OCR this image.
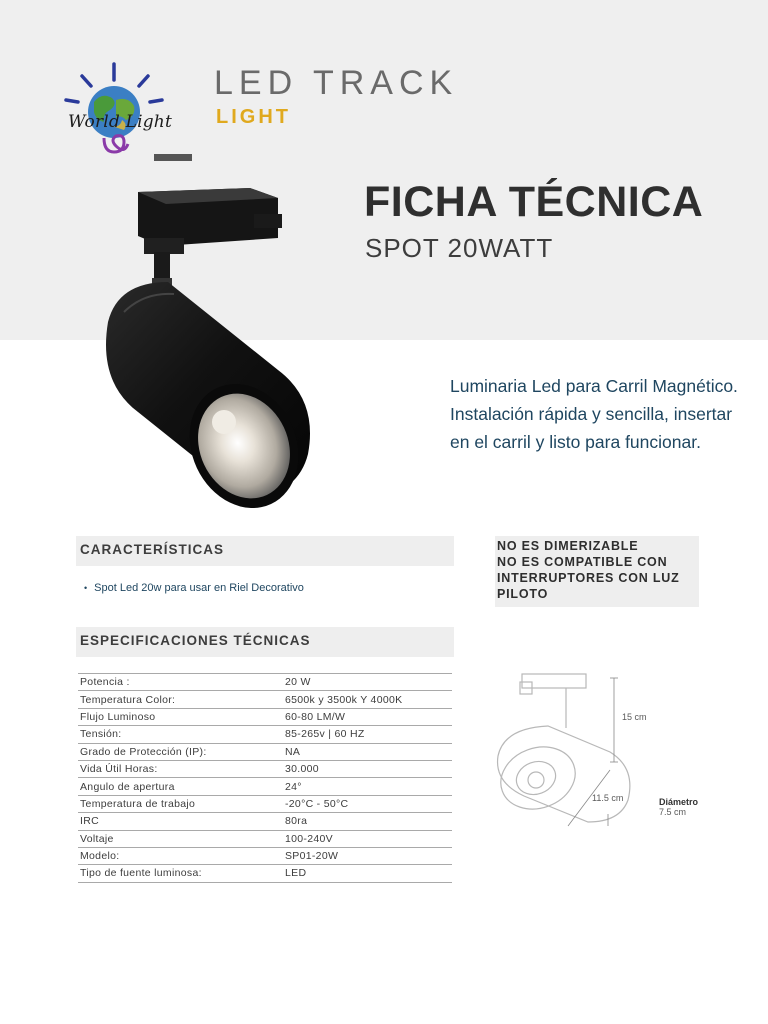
World Light
LED TRACK
LIGHT
FICHA TÉCNICA
SPOT 20WATT
Luminaria Led para Carril Magnético. Instalación rápida y sencilla, insertar en el carril y listo para funcionar.
CARACTERÍSTICAS
• Spot Led 20w para usar en Riel Decorativo
NO ES DIMERIZABLE
NO ES COMPATIBLE CON
INTERRUPTORES CON LUZ
PILOTO
ESPECIFICACIONES TÉCNICAS
Potencia :	20 W
Temperatura Color:	6500k y 3500k Y 4000K
Flujo Luminoso	60-80 LM/W
Tensión:	85-265v | 60 HZ
Grado de Protección (IP):	NA
Vida Útil Horas:	30.000
Angulo de apertura	24°
Temperatura de trabajo	-20°C - 50°C
IRC	80ra
Voltaje	100-240V
Modelo:	SP01-20W
Tipo de fuente luminosa:	LED
15 cm
11.5 cm	Diámetro
7.5 cm
